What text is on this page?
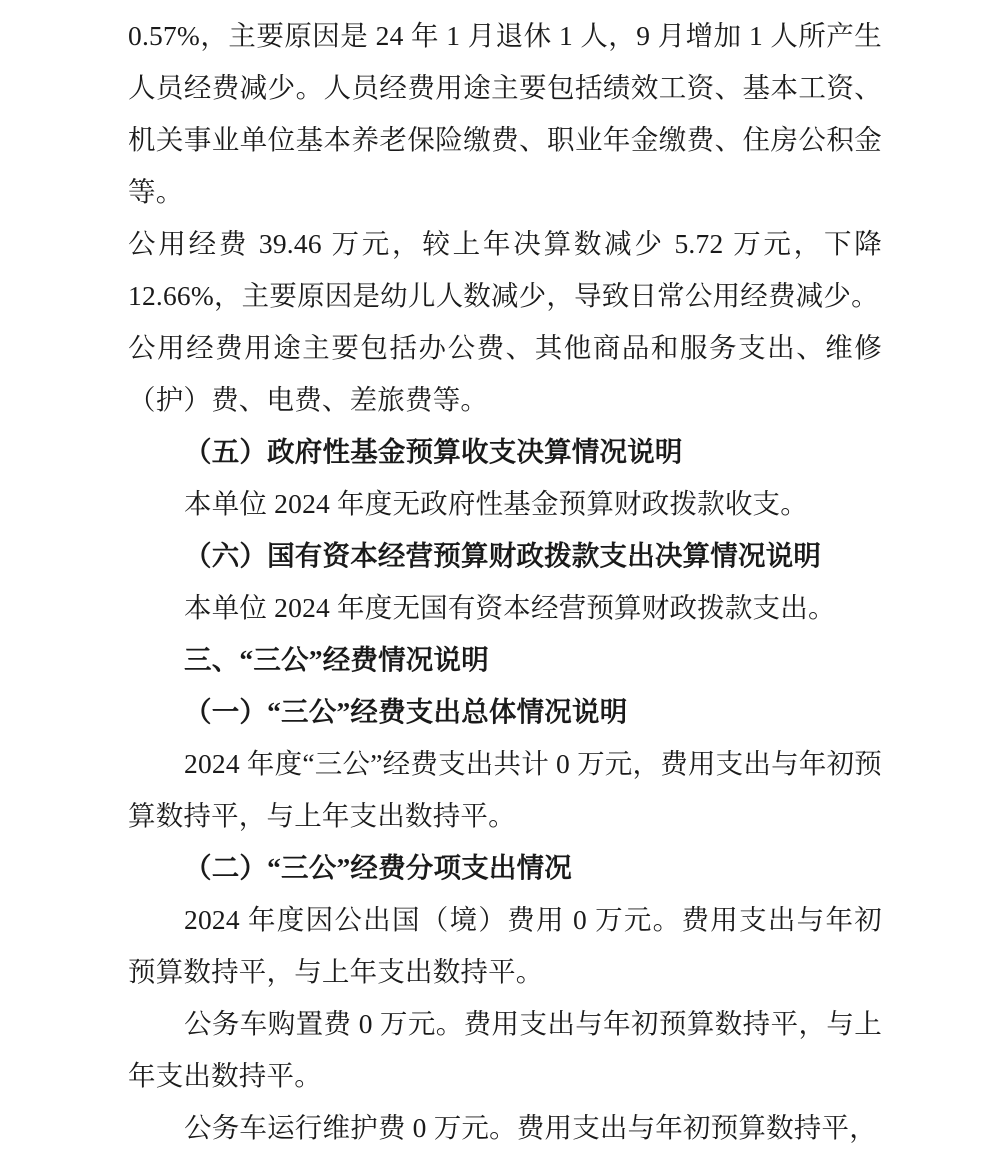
0.57%，主要原因是 24 年 1 月退休 1 人，9 月增加 1 人所产生人员经费减少。人员经费用途主要包括绩效工资、基本工资、机关事业单位基本养老保险缴费、职业年金缴费、住房公积金等。

公用经费 39.46 万元，较上年决算数减少 5.72 万元，下降 12.66%，主要原因是幼儿人数减少，导致日常公用经费减少。

公用经费用途主要包括办公费、其他商品和服务支出、维修（护）费、电费、差旅费等。

（五）政府性基金预算收支决算情况说明

本单位 2024 年度无政府性基金预算财政拨款收支。

（六）国有资本经营预算财政拨款支出决算情况说明

本单位 2024 年度无国有资本经营预算财政拨款支出。

三、“三公”经费情况说明

（一）“三公”经费支出总体情况说明

2024 年度“三公”经费支出共计 0 万元，费用支出与年初预算数持平，与上年支出数持平。

（二）“三公”经费分项支出情况

2024 年度因公出国（境）费用 0 万元。费用支出与年初预算数持平，与上年支出数持平。

公务车购置费 0 万元。费用支出与年初预算数持平，与上年支出数持平。

公务车运行维护费 0 万元。费用支出与年初预算数持平，
